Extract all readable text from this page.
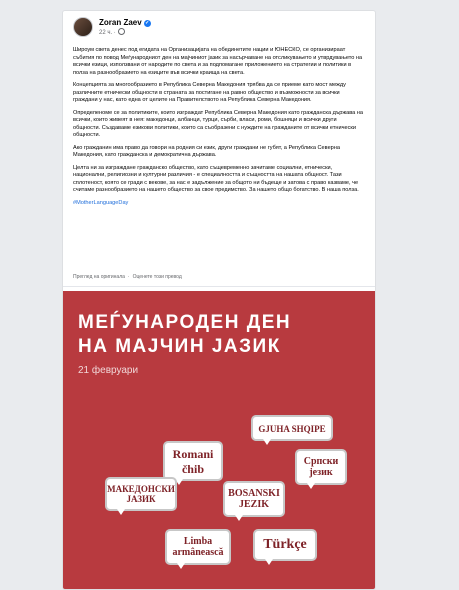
Zoran Zaev ✓
22 ч. ·

Широум света денес под егидата на Организацијата на обединетите нации и ЮНЕСКО, се организираат събития по повод Меѓународниот ден на мајчиниот јазик за насърчаване на отсликувањето и утврдувањето на всички езици, използвани от народите по света и за подпомагане приложението на стратегии и политики в полза на разнообразието на езиците във всички краища на света.

Концепцията за многообразието в Република Северна Македония трябва да се приеме като мост между различните етнически общности в страната за постигане на равно общество и възможности за всички граждани у нас, като една от целите на Правителството на Република Северна Македония.

Определеноме се за политиките, които изграждат Република Северна Македония като гражданска държава на всички, които живеят в нея: македонци, албанци, турци, сърби, власи, роми, бошняци и всички други общности. Създаваме езикови политики, които са съобразени с нуждите на гражданите от всички етнически общности.

Ако гражданин има право да говори на родния си език, други граждани не губят, а Република Северна Македония, като гражданска и демократична държава.

Целта ни за изграждане гражданско общество, като същевременно зачитаме социални, етнически, национални, религиозни и културни различия - е специалността и същността на нашата общност. Тази сплотеност, която се гради с векове, за нас е задължение за общото ни бъдеще и затова с право казваме, че считаме разнообразието на нашето общество за свое предимство. За нашето общо богатство. В наша полза.

#MotherLanguageDay

Преглед на оригинала · Оценете този превод
МЕЃУНАРОДЕН ДЕН
НА МАЈЧИН ЈАЗИК
21 февруари
GJUHA SHQIPE
Romani
čhib
Српски
језик
МАКЕДОНСКИ
ЈАЗИК	BOSANSKI
JEZIK
Limba
armânească
Türkçe
